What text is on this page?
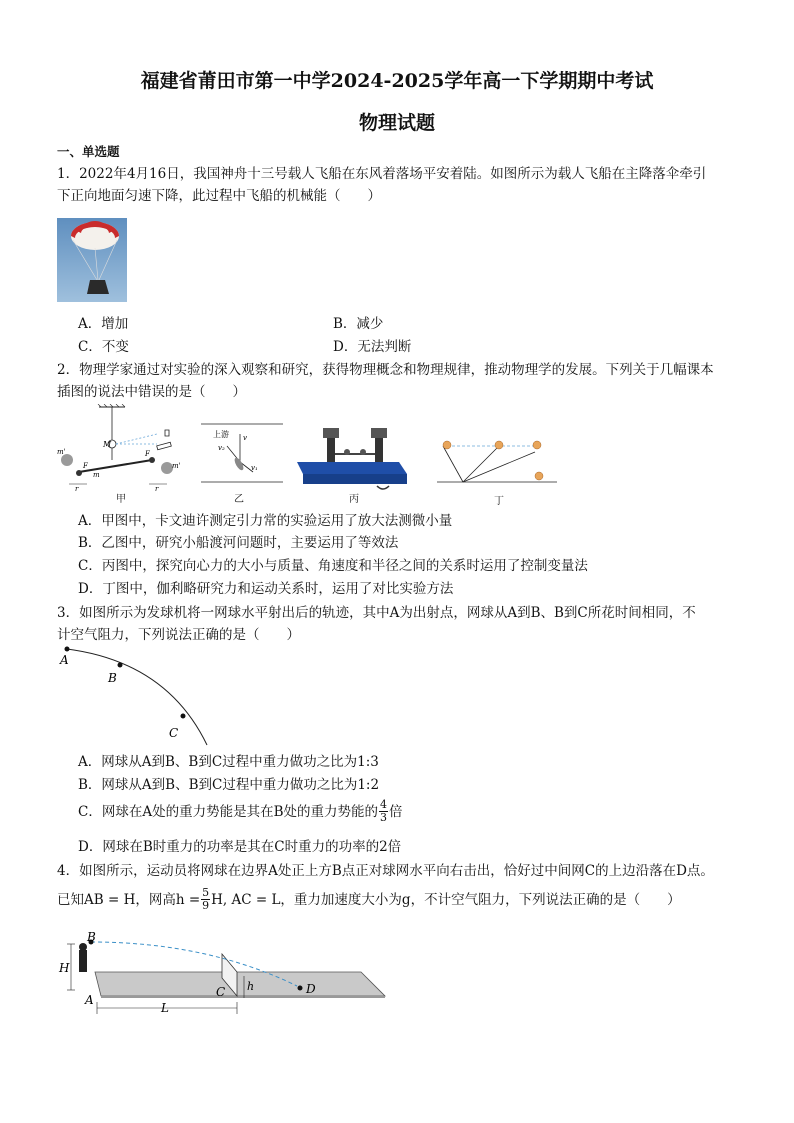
福建省莆田市第一中学2024-2025学年高一下学期期中考试
物理试题
一、单选题
1．2022年4月16日，我国神舟十三号载人飞船在东风着落场平安着陆。如图所示为载人飞船在主降落伞牵引
下正向地面匀速下降，此过程中飞船的机械能（　　）
A．增加	B．减少
C．不变	D．无法判断
2．物理学家通过对实验的深入观察和研究，获得物理概念和物理规律，推动物理学的发展。下列关于几幅课本
插图的说法中错误的是（　　）
M
m'
m'
F
F
m
r	r
上游
v₂
v
v₁
甲	乙	丙	丁
A．甲图中，卡文迪许测定引力常的实验运用了放大法测微小量
B．乙图中，研究小船渡河问题时，主要运用了等效法
C．丙图中，探究向心力的大小与质量、角速度和半径之间的关系时运用了控制变量法
D．丁图中，伽利略研究力和运动关系时，运用了对比实验方法
3．如图所示为发球机将一网球水平射出后的轨迹，其中A为出射点，网球从A到B、B到C所花时间相同，不
计空气阻力，下列说法正确的是（　　）
A
B
C
A．网球从A到B、B到C过程中重力做功之比为1:3
B．网球从A到B、B到C过程中重力做功之比为1:2
C．网球在A处的重力势能是其在B处的重力势能的 $\frac{4}{3}$ 倍
D．网球在B时重力的功率是其在C时重力的功率的2倍
4．如图所示，运动员将网球在边界A处正上方B点正对球网水平向右击出，恰好过中间网C的上边沿落在D点。
已知AB = H，网高$h = \frac{5}{9} H$, AC = L，重力加速度大小为g，不计空气阻力，下列说法正确的是（　　）
B
H
A
C h	D
L
